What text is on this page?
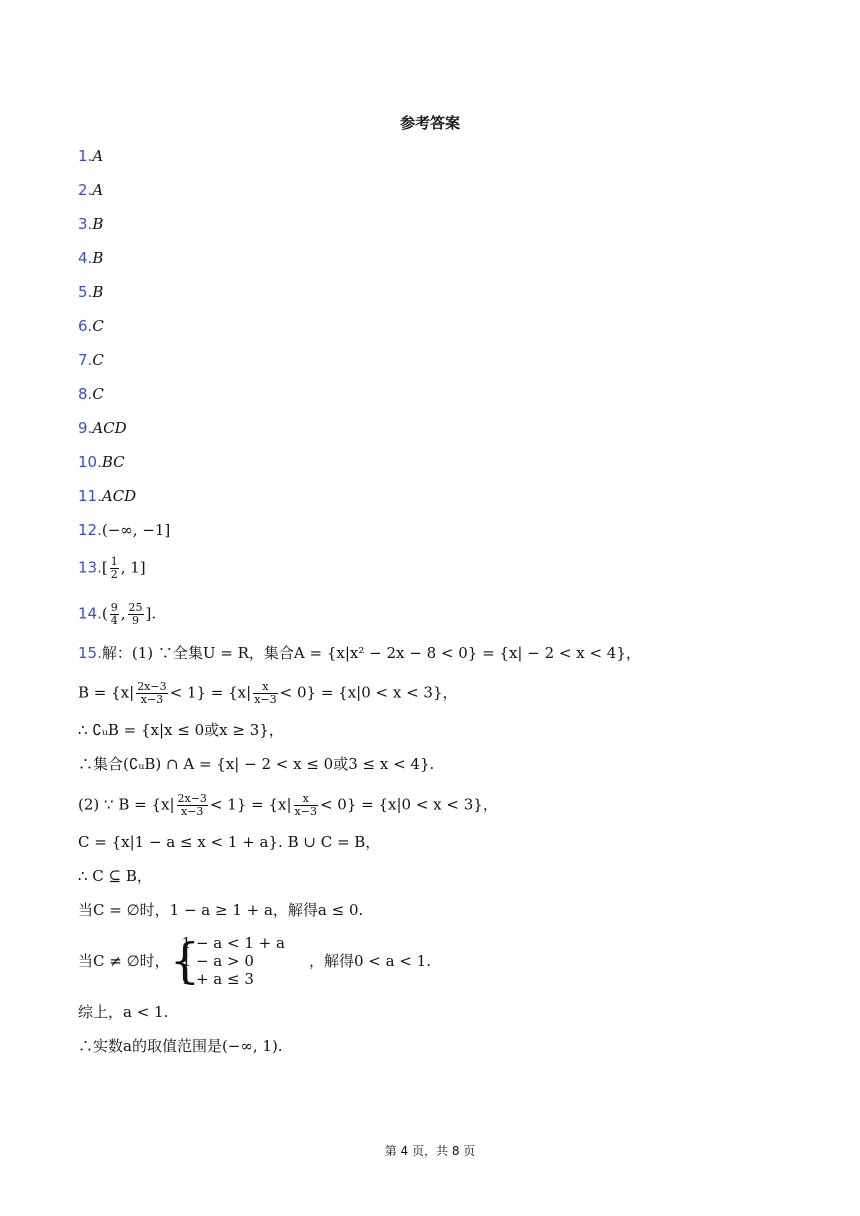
参考答案
1.A
2.A
3.B
4.B
5.B
6.C
7.C
8.C
9.ACD
10.BC
11.ACD
12.(−∞, −1]
$13.[ \frac{1}{2}$ , 1]
$14.( \frac{9}{4}$ , $\frac{25}{9}$ ].
15.解：(1) ∵全集U = R，集合A = {x|x² − 2x − 8 < 0} = {x| − 2 < x < 4}，
$B = \{x| \frac{2x-3}{x-3} < 1\} = \{x| \frac{x}{x-3} < 0\} = \{x|0 < x < 3\}$，
∴ ∁ᵤB = {x|x ≤ 0或x ≥ 3}，
∴集合(∁ᵤB) ∩ A = {x| − 2 < x ≤ 0或3 ≤ x < 4}.
(2) ∵ $B = \{x| \frac{2x-3}{x-3} < 1\} = \{x| \frac{x}{x-3} < 0\} = \{x|0 < x < 3\}$，
C = {x|1 − a ≤ x < 1 + a}. B ∪ C = B，
∴ C ⊆ B，
当C = ∅时，1 − a ≥ 1 + a，解得a ≤ 0.
当C ≠ ∅时， {
1 − a < 1 + a
1 − a > 0
1 + a ≤ 3
，解得0 < a < 1.
综上，a < 1.
∴实数a的取值范围是(−∞, 1).
第 4 页，共 8 页
